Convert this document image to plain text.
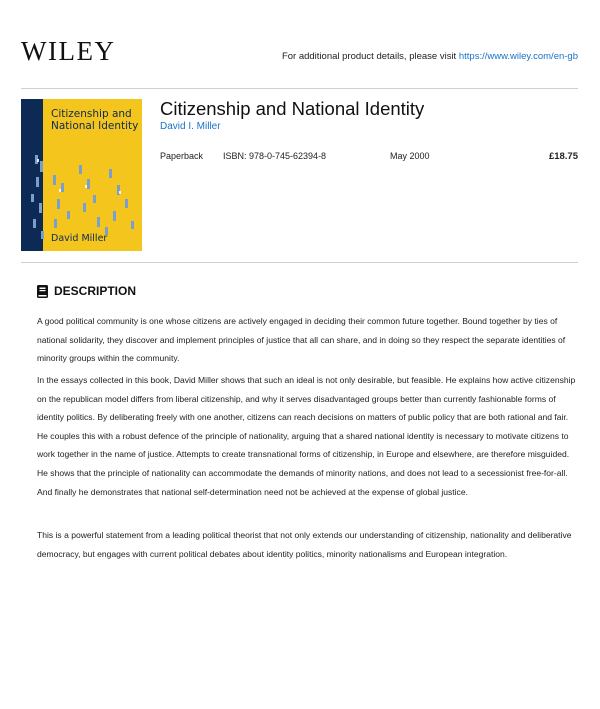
WILEY	For additional product details, please visit https://www.wiley.com/en-gb
Citizenship and National Identity
David Miller
Citizenship and National Identity
David I. Miller
Paperback ISBN: 978-0-745-62394-8	May 2000	£18.75
DESCRIPTION

A good political community is one whose citizens are actively engaged in deciding their common future together. Bound together by ties of national solidarity, they discover and implement principles of justice that all can share, and in doing so they respect the separate identities of minority groups within the community.

In the essays collected in this book, David Miller shows that such an ideal is not only desirable, but feasible. He explains how active citizenship on the republican model differs from liberal citizenship, and why it serves disadvantaged groups better than currently fashionable forms of identity politics. By deliberating freely with one another, citizens can reach decisions on matters of public policy that are both rational and fair. He couples this with a robust defence of the principle of nationality, arguing that a shared national identity is necessary to motivate citizens to work together in the name of justice. Attempts to create transnational forms of citizenship, in Europe and elsewhere, are therefore misguided. He shows that the principle of nationality can accommodate the demands of minority nations, and does not lead to a secessionist free-for-all. And finally he demonstrates that national self-determination need not be achieved at the expense of global justice.

This is a powerful statement from a leading political theorist that not only extends our understanding of citizenship, nationality and deliberative democracy, but engages with current political debates about identity politics, minority nationalisms and European integration.
